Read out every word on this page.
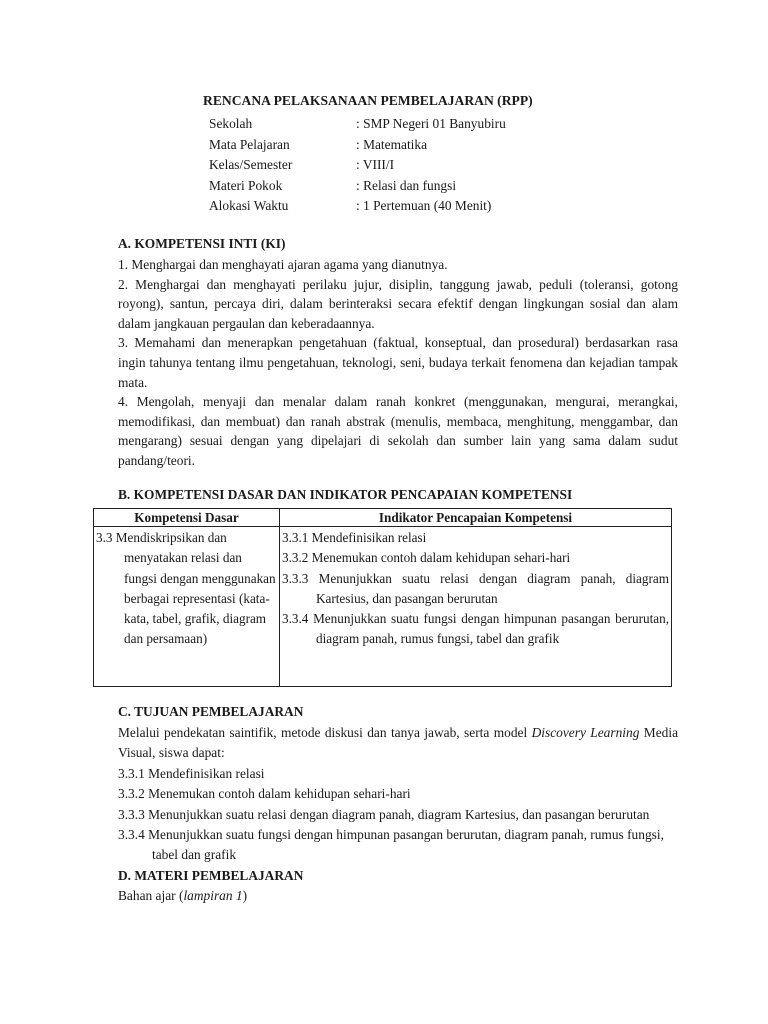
RENCANA PELAKSANAAN PEMBELAJARAN (RPP)
Sekolah	: SMP Negeri 01 Banyubiru
Mata Pelajaran	: Matematika
Kelas/Semester	: VIII/I
Materi Pokok	: Relasi dan fungsi
Alokasi Waktu	: 1 Pertemuan (40 Menit)
A. KOMPETENSI INTI (KI)

1. Menghargai dan menghayati ajaran agama yang dianutnya.

2. Menghargai dan menghayati perilaku jujur, disiplin, tanggung jawab, peduli (toleransi, gotong royong), santun, percaya diri, dalam berinteraksi secara efektif dengan lingkungan sosial dan alam dalam jangkauan pergaulan dan keberadaannya.

3. Memahami dan menerapkan pengetahuan (faktual, konseptual, dan prosedural) berdasarkan rasa ingin tahunya tentang ilmu pengetahuan, teknologi, seni, budaya terkait fenomena dan kejadian tampak mata.

4. Mengolah, menyaji dan menalar dalam ranah konkret (menggunakan, mengurai, merangkai, memodifikasi, dan membuat) dan ranah abstrak (menulis, membaca, menghitung, menggambar, dan mengarang) sesuai dengan yang dipelajari di sekolah dan sumber lain yang sama dalam sudut pandang/teori.

B. KOMPETENSI DASAR DAN INDIKATOR PENCAPAIAN KOMPETENSI
Kompetensi Dasar	Indikator Pencapaian Kompetensi

3.3 Mendiskripsikan dan menyatakan relasi dan fungsi dengan menggunakan berbagai representasi (kata-kata, tabel, grafik, diagram dan persamaan)	3.3.1 Mendefinisikan relasi
3.3.2 Menemukan contoh dalam kehidupan sehari-hari
3.3.3 Menunjukkan suatu relasi dengan diagram panah, diagram Kartesius, dan pasangan berurutan
3.3.4 Menunjukkan suatu fungsi dengan himpunan pasangan berurutan, diagram panah, rumus fungsi, tabel dan grafik
C. TUJUAN PEMBELAJARAN
Melalui pendekatan saintifik, metode diskusi dan tanya jawab, serta model Discovery Learning Media Visual, siswa dapat:
3.3.1 Mendefinisikan relasi
3.3.2 Menemukan contoh dalam kehidupan sehari-hari
3.3.3 Menunjukkan suatu relasi dengan diagram panah, diagram Kartesius, dan pasangan berurutan
3.3.4 Menunjukkan suatu fungsi dengan himpunan pasangan berurutan, diagram panah, rumus fungsi, tabel dan grafik
D. MATERI PEMBELAJARAN
Bahan ajar (lampiran 1)
